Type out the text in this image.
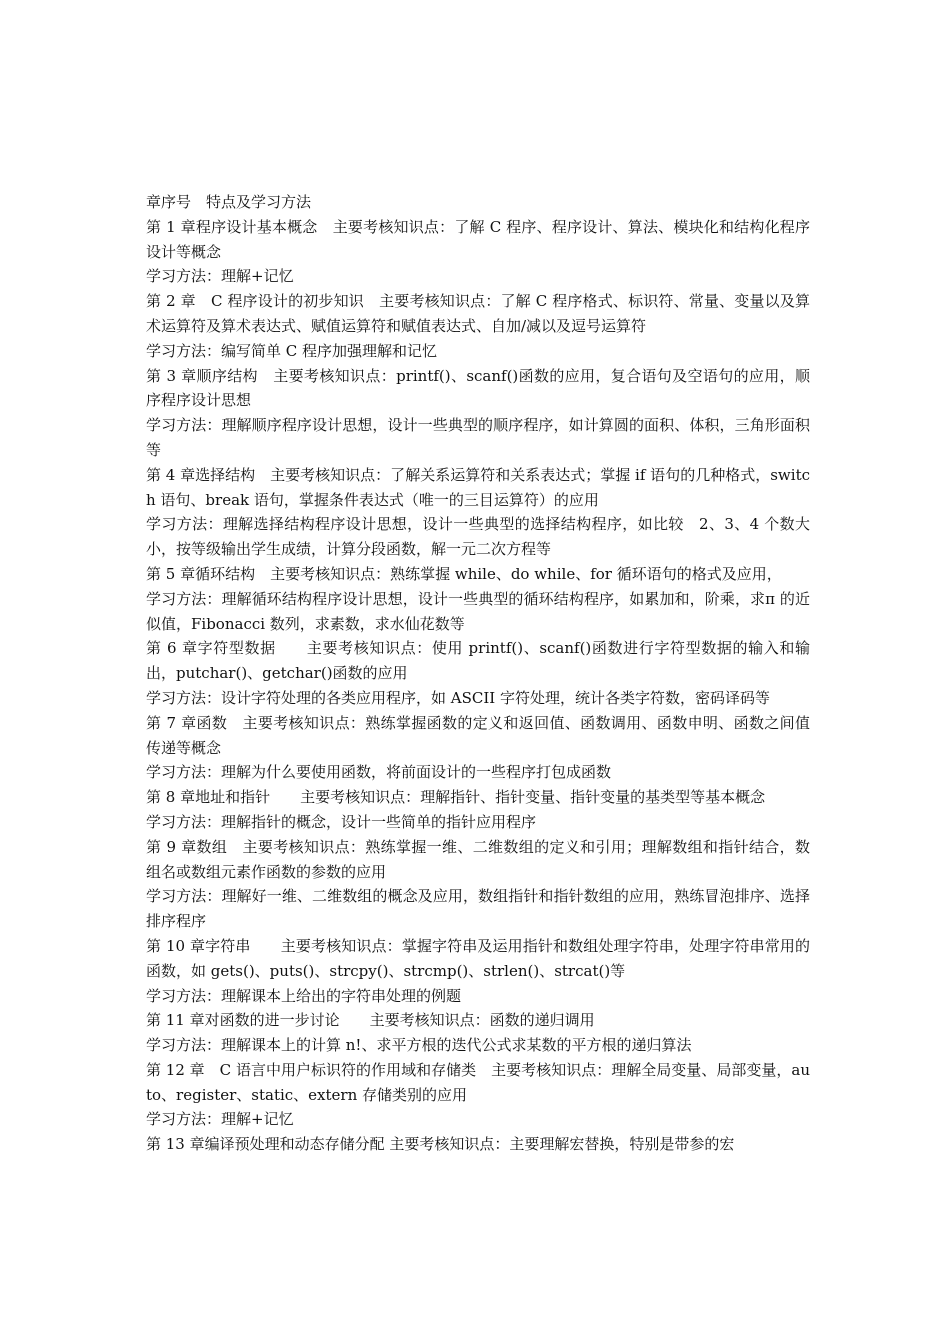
章序号　特点及学习方法

第 1 章程序设计基本概念　主要考核知识点：了解 C 程序、程序设计、算法、模块化和结构化程序设计等概念

学习方法：理解+记忆

第 2 章　C 程序设计的初步知识　主要考核知识点：了解 C 程序格式、标识符、常量、变量以及算术运算符及算术表达式、赋值运算符和赋值表达式、自加/减以及逗号运算符

学习方法：编写简单 C 程序加强理解和记忆

第 3 章顺序结构　主要考核知识点：printf()、scanf()函数的应用，复合语句及空语句的应用，顺序程序设计思想

学习方法：理解顺序程序设计思想，设计一些典型的顺序程序，如计算圆的面积、体积，三角形面积等

第 4 章选择结构　主要考核知识点：了解关系运算符和关系表达式；掌握 if 语句的几种格式，switch 语句、break 语句，掌握条件表达式（唯一的三目运算符）的应用

学习方法：理解选择结构程序设计思想，设计一些典型的选择结构程序，如比较　2、3、4 个数大小，按等级输出学生成绩，计算分段函数，解一元二次方程等

第 5 章循环结构　主要考核知识点：熟练掌握 while、do while、for 循环语句的格式及应用，

学习方法：理解循环结构程序设计思想，设计一些典型的循环结构程序，如累加和，阶乘，求π 的近似值，Fibonacci 数列，求素数，求水仙花数等

第 6 章字符型数据　　主要考核知识点：使用 printf()、scanf()函数进行字符型数据的输入和输出，putchar()、getchar()函数的应用

学习方法：设计字符处理的各类应用程序，如 ASCII 字符处理，统计各类字符数，密码译码等

第 7 章函数　主要考核知识点：熟练掌握函数的定义和返回值、函数调用、函数申明、函数之间值传递等概念

学习方法：理解为什么要使用函数，将前面设计的一些程序打包成函数

第 8 章地址和指针　　主要考核知识点：理解指针、指针变量、指针变量的基类型等基本概念

学习方法：理解指针的概念，设计一些简单的指针应用程序

第 9 章数组　主要考核知识点：熟练掌握一维、二维数组的定义和引用；理解数组和指针结合，数组名或数组元素作函数的参数的应用

学习方法：理解好一维、二维数组的概念及应用，数组指针和指针数组的应用，熟练冒泡排序、选择排序程序

第 10 章字符串　　主要考核知识点：掌握字符串及运用指针和数组处理字符串，处理字符串常用的函数，如 gets()、puts()、strcpy()、strcmp()、strlen()、strcat()等

学习方法：理解课本上给出的字符串处理的例题

第 11 章对函数的进一步讨论　　主要考核知识点：函数的递归调用

学习方法：理解课本上的计算 n!、求平方根的迭代公式求某数的平方根的递归算法

第 12 章　C 语言中用户标识符的作用域和存储类　主要考核知识点：理解全局变量、局部变量，auto、register、static、extern 存储类别的应用

学习方法：理解+记忆

第 13 章编译预处理和动态存储分配 主要考核知识点：主要理解宏替换，特别是带参的宏
